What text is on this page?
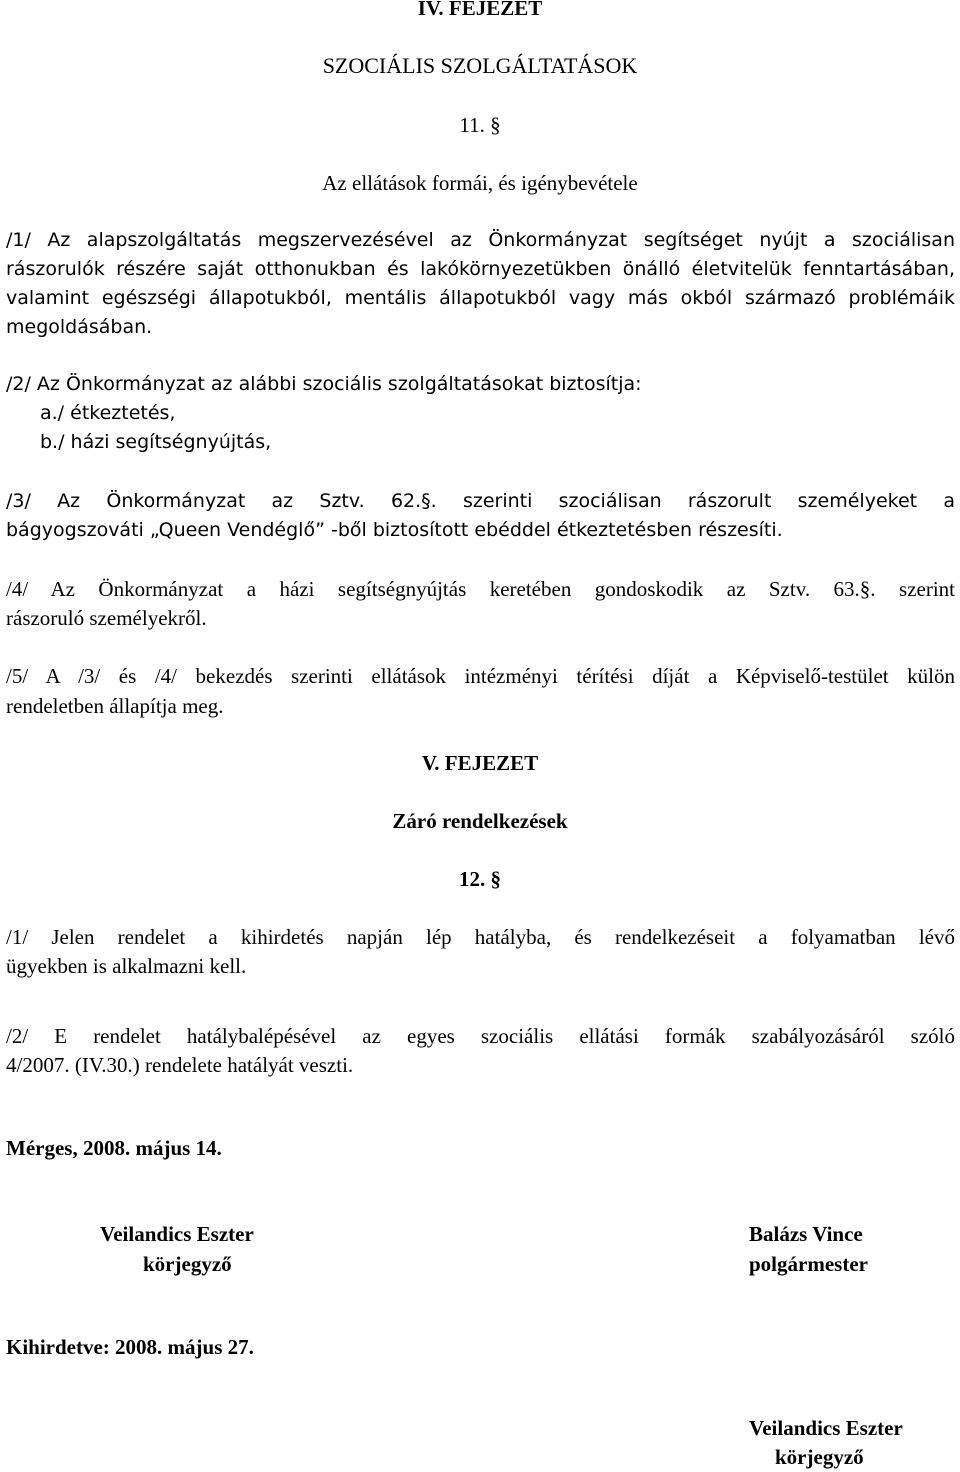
IV. FEJEZET
SZOCIÁLIS SZOLGÁLTATÁSOK
11. §
Az ellátások formái, és igénybevétele
/1/ Az alapszolgáltatás megszervezésével az Önkormányzat segítséget nyújt a szociálisan
rászorulók részére saját otthonukban és lakókörnyezetükben önálló életvitelük fenntartásában,
valamint egészségi állapotukból, mentális állapotukból vagy más okból származó problémáik
megoldásában.
/2/ Az Önkormányzat az alábbi szociális szolgáltatásokat biztosítja:
a./ étkeztetés,
b./ házi segítségnyújtás,
/3/ Az Önkormányzat az Sztv. 62.§. szerinti szociálisan rászorult személyeket a
bágyogszováti „Queen Vendéglő” -ből biztosított ebéddel étkeztetésben részesíti.
/4/ Az Önkormányzat a házi segítségnyújtás keretében gondoskodik az Sztv. 63.§. szerint
rászoruló személyekről.
/5/ A /3/ és /4/ bekezdés szerinti ellátások intézményi térítési díját a Képviselő-testület külön
rendeletben állapítja meg.
V. FEJEZET
Záró rendelkezések
12. §
/1/ Jelen rendelet a kihirdetés napján lép hatályba, és rendelkezéseit a folyamatban lévő
ügyekben is alkalmazni kell.
/2/ E rendelet hatálybalépésével az egyes szociális ellátási formák szabályozásáról szóló
4/2007. (IV.30.) rendelete hatályát veszti.
Mérges, 2008. május 14.
Veilandics Eszter
körjegyző
Balázs Vince
polgármester
Kihirdetve: 2008. május 27.
Veilandics Eszter
körjegyző
